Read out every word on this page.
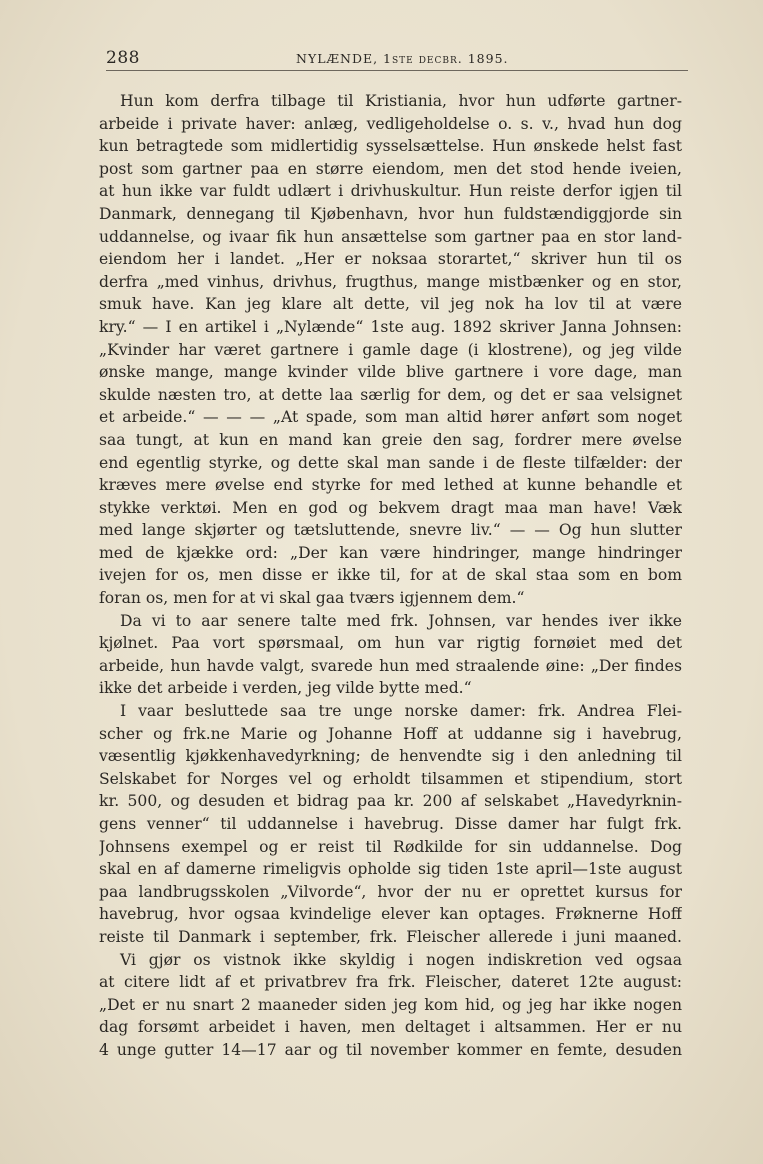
288	NYLÆNDE, 1ste decbr. 1895.
Hun kom derfra tilbage til Kristiania, hvor hun udførte gartner-
arbeide i private haver: anlæg, vedligeholdelse o. s. v., hvad hun dog
kun betragtede som midlertidig sysselsættelse. Hun ønskede helst fast
post som gartner paa en større eiendom, men det stod hende iveien,
at hun ikke var fuldt udlært i drivhuskultur. Hun reiste derfor igjen til
Danmark, dennegang til Kjøbenhavn, hvor hun fuldstændiggjorde sin
uddannelse, og ivaar fik hun ansættelse som gartner paa en stor land-
eiendom her i landet. „Her er noksaa storartet,“ skriver hun til os
derfra „med vinhus, drivhus, frugthus, mange mistbænker og en stor,
smuk have. Kan jeg klare alt dette, vil jeg nok ha lov til at være
kry.“ — I en artikel i „Nylænde“ 1ste aug. 1892 skriver Janna Johnsen:
„Kvinder har været gartnere i gamle dage (i klostrene), og jeg vilde
ønske mange, mange kvinder vilde blive gartnere i vore dage, man
skulde næsten tro, at dette laa særlig for dem, og det er saa velsignet
et arbeide.“ — — — „At spade, som man altid hører anført som noget
saa tungt, at kun en mand kan greie den sag, fordrer mere øvelse
end egentlig styrke, og dette skal man sande i de fleste tilfælder: der
kræves mere øvelse end styrke for med lethed at kunne behandle et
stykke verktøi. Men en god og bekvem dragt maa man have! Væk
med lange skjørter og tætsluttende, snevre liv.“ — — Og hun slutter
med de kjække ord: „Der kan være hindringer, mange hindringer
ivejen for os, men disse er ikke til, for at de skal staa som en bom
foran os, men for at vi skal gaa tværs igjennem dem.“
Da vi to aar senere talte med frk. Johnsen, var hendes iver ikke
kjølnet. Paa vort spørsmaal, om hun var rigtig fornøiet med det
arbeide, hun havde valgt, svarede hun med straalende øine: „Der findes
ikke det arbeide i verden, jeg vilde bytte med.“
I vaar besluttede saa tre unge norske damer: frk. Andrea Flei-
scher og frk.ne Marie og Johanne Hoff at uddanne sig i havebrug,
væsentlig kjøkkenhavedyrkning; de henvendte sig i den anledning til
Selskabet for Norges vel og erholdt tilsammen et stipendium, stort
kr. 500, og desuden et bidrag paa kr. 200 af selskabet „Havedyrknin-
gens venner“ til uddannelse i havebrug. Disse damer har fulgt frk.
Johnsens exempel og er reist til Rødkilde for sin uddannelse. Dog
skal en af damerne rimeligvis opholde sig tiden 1ste april—1ste august
paa landbrugsskolen „Vilvorde“, hvor der nu er oprettet kursus for
havebrug, hvor ogsaa kvindelige elever kan optages. Frøknerne Hoff
reiste til Danmark i september, frk. Fleischer allerede i juni maaned.
Vi gjør os vistnok ikke skyldig i nogen indiskretion ved ogsaa
at citere lidt af et privatbrev fra frk. Fleischer, dateret 12te august:
„Det er nu snart 2 maaneder siden jeg kom hid, og jeg har ikke nogen
dag forsømt arbeidet i haven, men deltaget i altsammen. Her er nu
4 unge gutter 14—17 aar og til november kommer en femte, desuden
